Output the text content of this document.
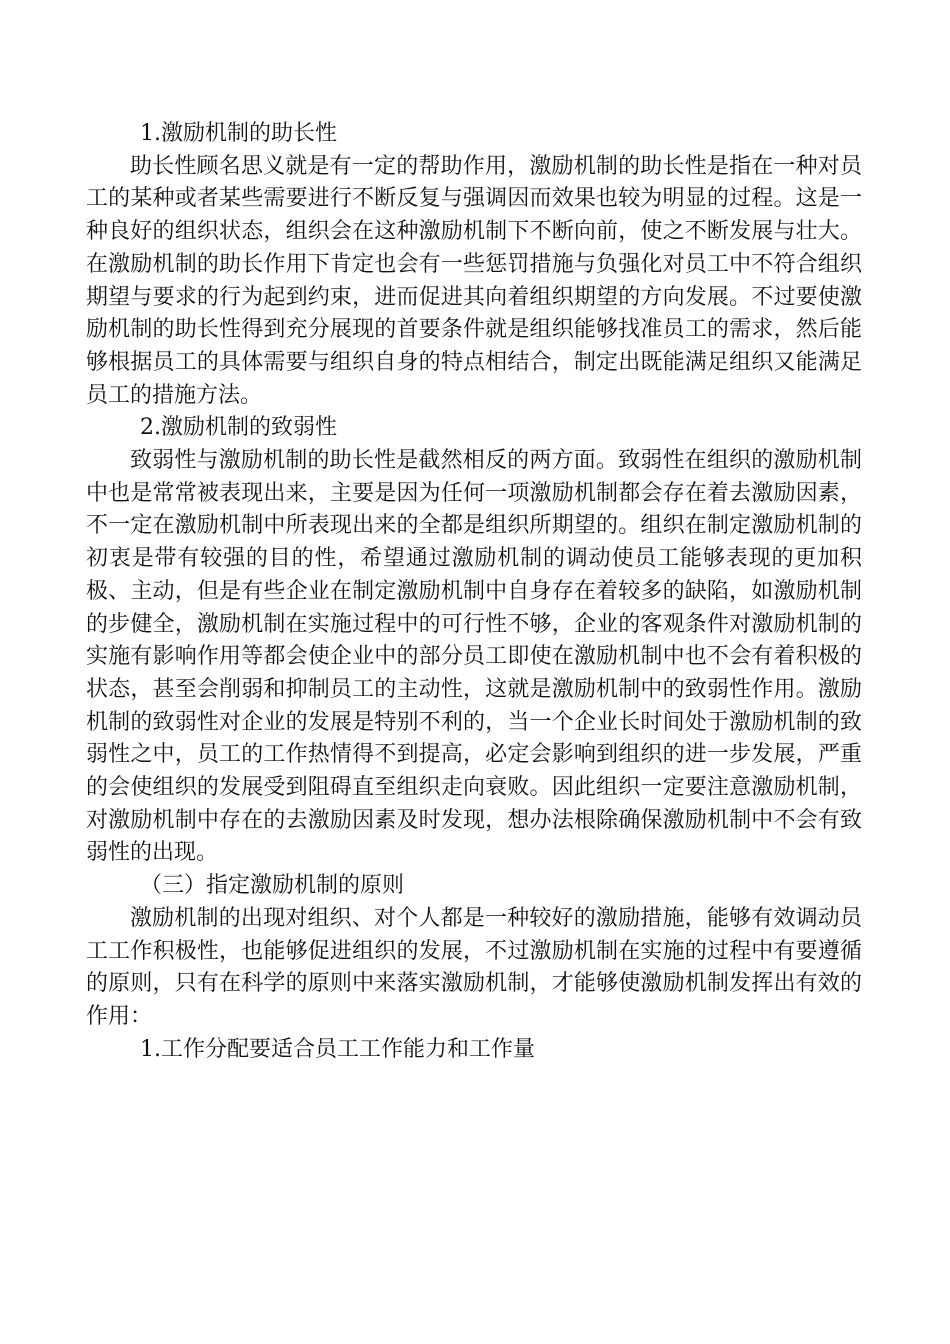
1.激励机制的助长性

助长性顾名思义就是有一定的帮助作用，激励机制的助长性是指在一种对员工的某种或者某些需要进行不断反复与强调因而效果也较为明显的过程。这是一种良好的组织状态，组织会在这种激励机制下不断向前，使之不断发展与壮大。在激励机制的助长作用下肯定也会有一些惩罚措施与负强化对员工中不符合组织期望与要求的行为起到约束，进而促进其向着组织期望的方向发展。不过要使激励机制的助长性得到充分展现的首要条件就是组织能够找准员工的需求，然后能够根据员工的具体需要与组织自身的特点相结合，制定出既能满足组织又能满足员工的措施方法。

2.激励机制的致弱性

致弱性与激励机制的助长性是截然相反的两方面。致弱性在组织的激励机制中也是常常被表现出来，主要是因为任何一项激励机制都会存在着去激励因素，不一定在激励机制中所表现出来的全都是组织所期望的。组织在制定激励机制的初衷是带有较强的目的性，希望通过激励机制的调动使员工能够表现的更加积极、主动，但是有些企业在制定激励机制中自身存在着较多的缺陷，如激励机制的步健全，激励机制在实施过程中的可行性不够，企业的客观条件对激励机制的实施有影响作用等都会使企业中的部分员工即使在激励机制中也不会有着积极的状态，甚至会削弱和抑制员工的主动性，这就是激励机制中的致弱性作用。激励机制的致弱性对企业的发展是特别不利的，当一个企业长时间处于激励机制的致弱性之中，员工的工作热情得不到提高，必定会影响到组织的进一步发展，严重的会使组织的发展受到阻碍直至组织走向衰败。因此组织一定要注意激励机制，对激励机制中存在的去激励因素及时发现，想办法根除确保激励机制中不会有致弱性的出现。

（三）指定激励机制的原则

激励机制的出现对组织、对个人都是一种较好的激励措施，能够有效调动员工工作积极性，也能够促进组织的发展，不过激励机制在实施的过程中有要遵循的原则，只有在科学的原则中来落实激励机制，才能够使激励机制发挥出有效的作用：

1.工作分配要适合员工工作能力和工作量
